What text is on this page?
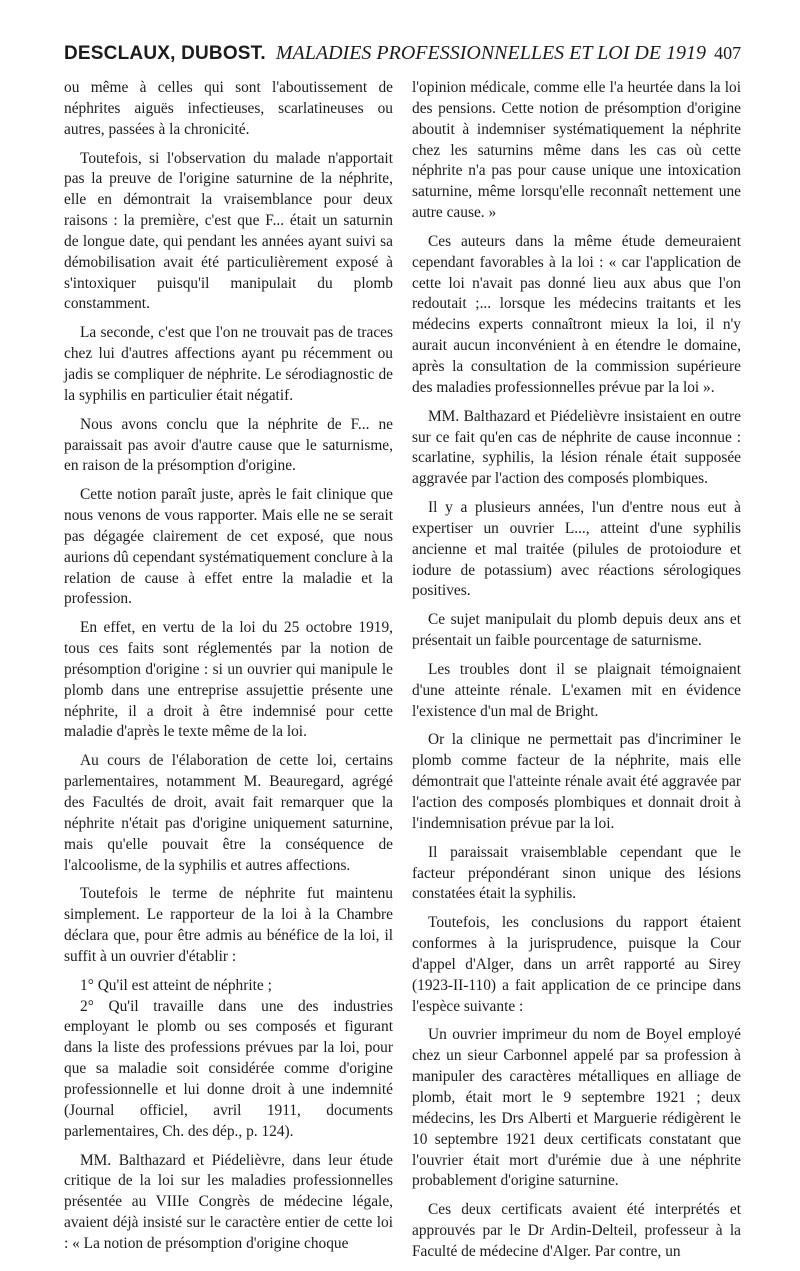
DESCLAUX, DUBOST. MALADIES PROFESSIONNELLES ET LOI DE 1919 407

ou même à celles qui sont l'aboutissement de néphrites aiguës infectieuses, scarlatineuses ou autres, passées à la chronicité.

Toutefois, si l'observation du malade n'apportait pas la preuve de l'origine saturnine de la néphrite, elle en démontrait la vraisemblance pour deux raisons : la première, c'est que F... était un saturnin de longue date, qui pendant les années ayant suivi sa démobilisation avait été particulièrement exposé à s'intoxiquer puisqu'il manipulait du plomb constamment.

La seconde, c'est que l'on ne trouvait pas de traces chez lui d'autres affections ayant pu récemment ou jadis se compliquer de néphrite. Le sérodiagnostic de la syphilis en particulier était négatif.

Nous avons conclu que la néphrite de F... ne paraissait pas avoir d'autre cause que le saturnisme, en raison de la présomption d'origine.

Cette notion paraît juste, après le fait clinique que nous venons de vous rapporter. Mais elle ne se serait pas dégagée clairement de cet exposé, que nous aurions dû cependant systématiquement conclure à la relation de cause à effet entre la maladie et la profession.

En effet, en vertu de la loi du 25 octobre 1919, tous ces faits sont réglementés par la notion de présomption d'origine : si un ouvrier qui manipule le plomb dans une entreprise assujettie présente une néphrite, il a droit à être indemnisé pour cette maladie d'après le texte même de la loi.

Au cours de l'élaboration de cette loi, certains parlementaires, notamment M. Beauregard, agrégé des Facultés de droit, avait fait remarquer que la néphrite n'était pas d'origine uniquement saturnine, mais qu'elle pouvait être la conséquence de l'alcoolisme, de la syphilis et autres affections.

Toutefois le terme de néphrite fut maintenu simplement. Le rapporteur de la loi à la Chambre déclara que, pour être admis au bénéfice de la loi, il suffit à un ouvrier d'établir :

1° Qu'il est atteint de néphrite ;

2° Qu'il travaille dans une des industries employant le plomb ou ses composés et figurant dans la liste des professions prévues par la loi, pour que sa maladie soit considérée comme d'origine professionnelle et lui donne droit à une indemnité (Journal officiel, avril 1911, documents parlementaires, Ch. des dép., p. 124).

MM. Balthazard et Piédelièvre, dans leur étude critique de la loi sur les maladies professionnelles présentée au VIIIe Congrès de médecine légale, avaient déjà insisté sur le caractère entier de cette loi : « La notion de présomption d'origine choque

l'opinion médicale, comme elle l'a heurtée dans la loi des pensions. Cette notion de présomption d'origine aboutit à indemniser systématiquement la néphrite chez les saturnins même dans les cas où cette néphrite n'a pas pour cause unique une intoxication saturnine, même lorsqu'elle reconnaît nettement une autre cause. »

Ces auteurs dans la même étude demeuraient cependant favorables à la loi : « car l'application de cette loi n'avait pas donné lieu aux abus que l'on redoutait ;... lorsque les médecins traitants et les médecins experts connaîtront mieux la loi, il n'y aurait aucun inconvénient à en étendre le domaine, après la consultation de la commission supérieure des maladies professionnelles prévue par la loi ».

MM. Balthazard et Piédelièvre insistaient en outre sur ce fait qu'en cas de néphrite de cause inconnue : scarlatine, syphilis, la lésion rénale était supposée aggravée par l'action des composés plombiques.

Il y a plusieurs années, l'un d'entre nous eut à expertiser un ouvrier L..., atteint d'une syphilis ancienne et mal traitée (pilules de protoiodure et iodure de potassium) avec réactions sérologiques positives.

Ce sujet manipulait du plomb depuis deux ans et présentait un faible pourcentage de saturnisme.

Les troubles dont il se plaignait témoignaient d'une atteinte rénale. L'examen mit en évidence l'existence d'un mal de Bright.

Or la clinique ne permettait pas d'incriminer le plomb comme facteur de la néphrite, mais elle démontrait que l'atteinte rénale avait été aggravée par l'action des composés plombiques et donnait droit à l'indemnisation prévue par la loi.

Il paraissait vraisemblable cependant que le facteur prépondérant sinon unique des lésions constatées était la syphilis.

Toutefois, les conclusions du rapport étaient conformes à la jurisprudence, puisque la Cour d'appel d'Alger, dans un arrêt rapporté au Sirey (1923-II-110) a fait application de ce principe dans l'espèce suivante :

Un ouvrier imprimeur du nom de Boyel employé chez un sieur Carbonnel appelé par sa profession à manipuler des caractères métalliques en alliage de plomb, était mort le 9 septembre 1921 ; deux médecins, les Drs Alberti et Marguerie rédigèrent le 10 septembre 1921 deux certificats constatant que l'ouvrier était mort d'urémie due à une néphrite probablement d'origine saturnine.

Ces deux certificats avaient été interprétés et approuvés par le Dr Ardin-Delteil, professeur à la Faculté de médecine d'Alger. Par contre, un
